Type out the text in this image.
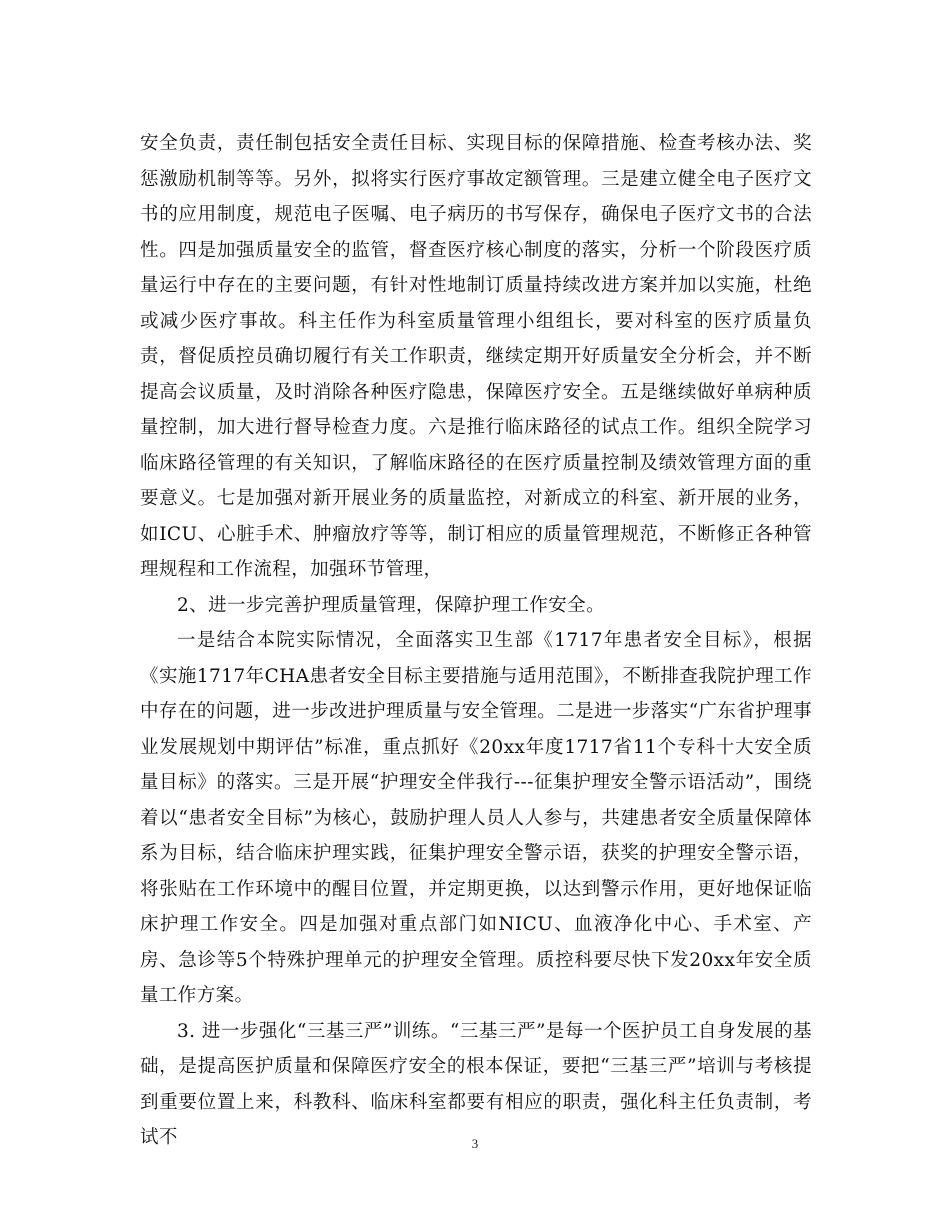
安全负责，责任制包括安全责任目标、实现目标的保障措施、检查考核办法、奖惩激励机制等等。另外，拟将实行医疗事故定额管理。三是建立健全电子医疗文书的应用制度，规范电子医嘱、电子病历的书写保存，确保电子医疗文书的合法性。四是加强质量安全的监管，督查医疗核心制度的落实，分析一个阶段医疗质量运行中存在的主要问题，有针对性地制订质量持续改进方案并加以实施，杜绝或减少医疗事故。科主任作为科室质量管理小组组长，要对科室的医疗质量负责，督促质控员确切履行有关工作职责，继续定期开好质量安全分析会，并不断提高会议质量，及时消除各种医疗隐患，保障医疗安全。五是继续做好单病种质量控制，加大进行督导检查力度。六是推行临床路径的试点工作。组织全院学习临床路径管理的有关知识，了解临床路径的在医疗质量控制及绩效管理方面的重要意义。七是加强对新开展业务的质量监控，对新成立的科室、新开展的业务，如ICU、心脏手术、肿瘤放疗等等，制订相应的质量管理规范，不断修正各种管理规程和工作流程，加强环节管理，

2、进一步完善护理质量管理，保障护理工作安全。

一是结合本院实际情况，全面落实卫生部《1717年患者安全目标》，根据《实施1717年CHA患者安全目标主要措施与适用范围》，不断排查我院护理工作中存在的问题，进一步改进护理质量与安全管理。二是进一步落实“广东省护理事业发展规划中期评估”标准，重点抓好《20xx年度1717省11个专科十大安全质量目标》的落实。三是开展“护理安全伴我行---征集护理安全警示语活动”，围绕着以“患者安全目标”为核心，鼓励护理人员人人参与，共建患者安全质量保障体系为目标，结合临床护理实践，征集护理安全警示语，获奖的护理安全警示语，将张贴在工作环境中的醒目位置，并定期更换，以达到警示作用，更好地保证临床护理工作安全。四是加强对重点部门如NICU、血液净化中心、手术室、产房、急诊等5个特殊护理单元的护理安全管理。质控科要尽快下发20xx年安全质量工作方案。

3. 进一步强化“三基三严”训练。“三基三严”是每一个医护员工自身发展的基础，是提高医护质量和保障医疗安全的根本保证，要把“三基三严”培训与考核提到重要位置上来，科教科、临床科室都要有相应的职责，强化科主任负责制，考试不	3
